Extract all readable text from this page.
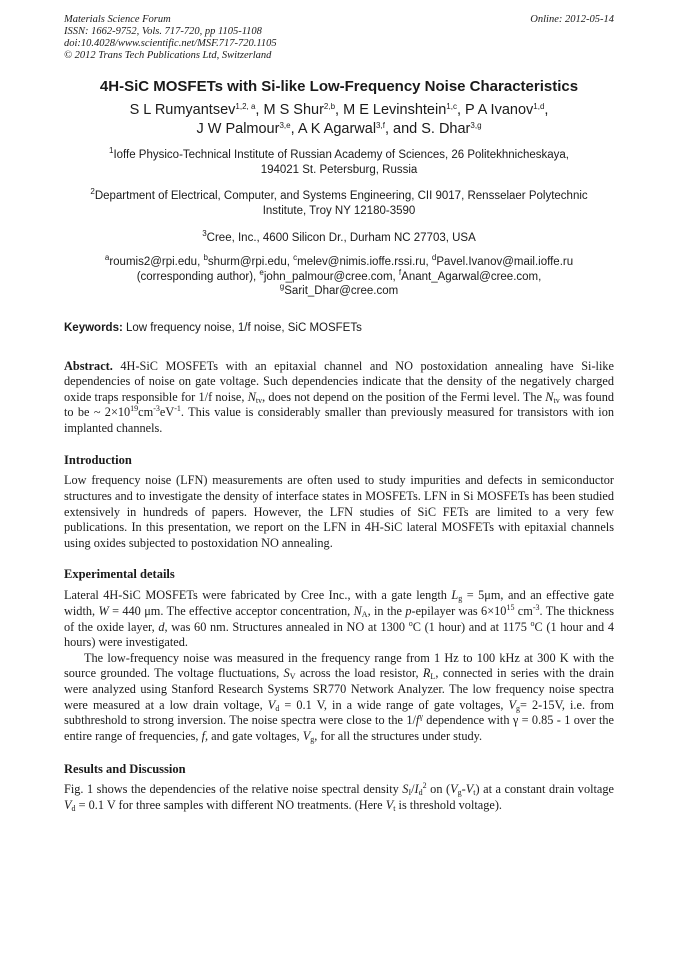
Materials Science Forum
ISSN: 1662-9752, Vols. 717-720, pp 1105-1108
doi:10.4028/www.scientific.net/MSF.717-720.1105
© 2012 Trans Tech Publications Ltd, Switzerland
Online: 2012-05-14
4H-SiC MOSFETs with Si-like Low-Frequency Noise Characteristics
S L Rumyantsev$^{1,2, a}$, M S Shur$^{2,b}$, M E Levinshtein$^{1,c}$, P A Ivanov$^{1,d}$,
J W Palmour$^{3,e}$, A K Agarwal$^{3,f}$, and S. Dhar$^{3,g}$
$^1$Ioffe Physico-Technical Institute of Russian Academy of Sciences, 26 Politekhnicheskaya,
194021 St. Petersburg, Russia
$^2$Department of Electrical, Computer, and Systems Engineering, CII 9017, Rensselaer Polytechnic
Institute, Troy NY 12180-3590
$^3$Cree, Inc., 4600 Silicon Dr., Durham NC 27703, USA
$^a$roumis2@rpi.edu, $^b$shurm@rpi.edu, $^c$melev@nimis.ioffe.rssi.ru, $^d$Pavel.Ivanov@mail.ioffe.ru
(corresponding author), $^e$john_palmour@cree.com, $^f$Anant_Agarwal@cree.com,
$^g$Sarit_Dhar@cree.com
Keywords: Low frequency noise, 1/f noise, SiC MOSFETs

Abstract. 4H-SiC MOSFETs with an epitaxial channel and NO postoxidation annealing have Si-like dependencies of noise on gate voltage. Such dependencies indicate that the density of the negatively charged oxide traps responsible for 1/f noise, $N_{tv}$, does not depend on the position of the Fermi level. The $N_{tv}$ was found to be ~ $2\times 10^{19}cm^{-3}eV^{-1}$. This value is considerably smaller than previously measured for transistors with ion implanted channels.

Introduction

Low frequency noise (LFN) measurements are often used to study impurities and defects in semiconductor structures and to investigate the density of interface states in MOSFETs. LFN in Si MOSFETs has been studied extensively in hundreds of papers. However, the LFN studies of SiC FETs are limited to a very few publications. In this presentation, we report on the LFN in 4H-SiC lateral MOSFETs with epitaxial channels using oxides subjected to postoxidation NO annealing.

Experimental details

Lateral 4H-SiC MOSFETs were fabricated by Cree Inc., with a gate length $L_g = 5\mu m$, and an effective gate width, W = 440 μm. The effective acceptor concentration, $N_A$, in the p-epilayer was $6\times 10^{15}$ $cm^{-3}$. The thickness of the oxide layer, d, was 60 nm. Structures annealed in NO at 1300 $^o$C (1 hour) and at 1175 $^o$C (1 hour and 4 hours) were investigated.

The low-frequency noise was measured in the frequency range from 1 Hz to 100 kHz at 300 K with the source grounded. The voltage fluctuations, $S_V$ across the load resistor, $R_L$, connected in series with the drain were analyzed using Stanford Research Systems SR770 Network Analyzer. The low frequency noise spectra were measured at a low drain voltage, $V_d = 0.1$ V, in a wide range of gate voltages, $V_g= 2-15V$, i.e. from subthreshold to strong inversion. The noise spectra were close to the $1/f^\gamma$ dependence with γ = 0.85 - 1 over the entire range of frequencies, f, and gate voltages, $V_g$, for all the structures under study.

Results and Discussion

Fig. 1 shows the dependencies of the relative noise spectral density $S_I/I_d^2$ on $(V_g-V_t)$ at a constant drain voltage $V_d = 0.1$ V for three samples with different NO treatments. (Here $V_t$ is threshold voltage).
